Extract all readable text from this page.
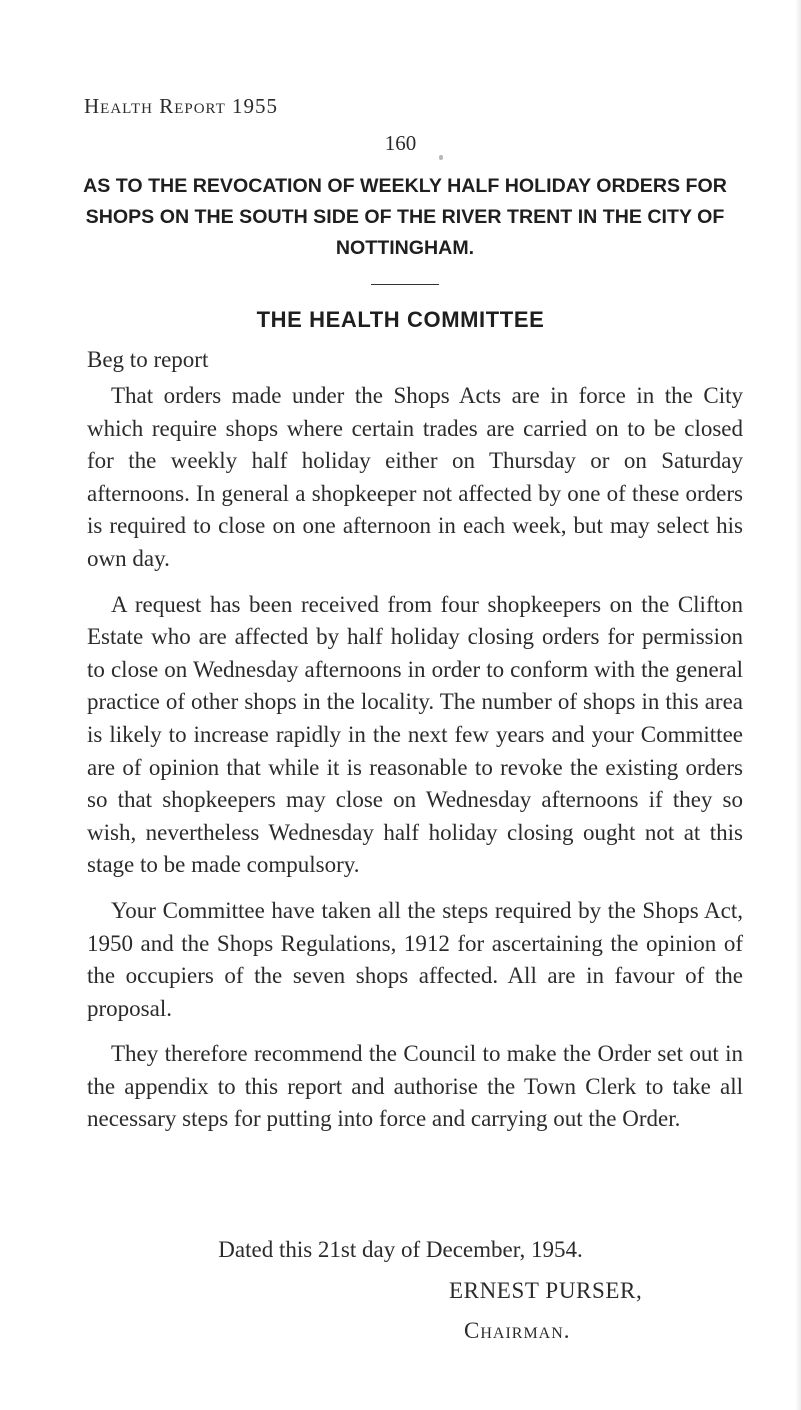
Health Report 1955
160
AS TO THE REVOCATION OF WEEKLY HALF HOLIDAY ORDERS FOR SHOPS ON THE SOUTH SIDE OF THE RIVER TRENT IN THE CITY OF NOTTINGHAM.
THE HEALTH COMMITTEE
Beg to report

That orders made under the Shops Acts are in force in the City which require shops where certain trades are carried on to be closed for the weekly half holiday either on Thursday or on Saturday afternoons. In general a shopkeeper not affected by one of these orders is required to close on one afternoon in each week, but may select his own day.

A request has been received from four shopkeepers on the Clifton Estate who are affected by half holiday closing orders for permission to close on Wednesday afternoons in order to conform with the general practice of other shops in the locality. The number of shops in this area is likely to increase rapidly in the next few years and your Committee are of opinion that while it is reasonable to revoke the existing orders so that shopkeepers may close on Wednesday afternoons if they so wish, nevertheless Wednesday half holiday closing ought not at this stage to be made compulsory.

Your Committee have taken all the steps required by the Shops Act, 1950 and the Shops Regulations, 1912 for ascertaining the opinion of the occupiers of the seven shops affected. All are in favour of the proposal.

They therefore recommend the Council to make the Order set out in the appendix to this report and authorise the Town Clerk to take all necessary steps for putting into force and carrying out the Order.

Dated this 21st day of December, 1954.
ERNEST PURSER,
Chairman.
